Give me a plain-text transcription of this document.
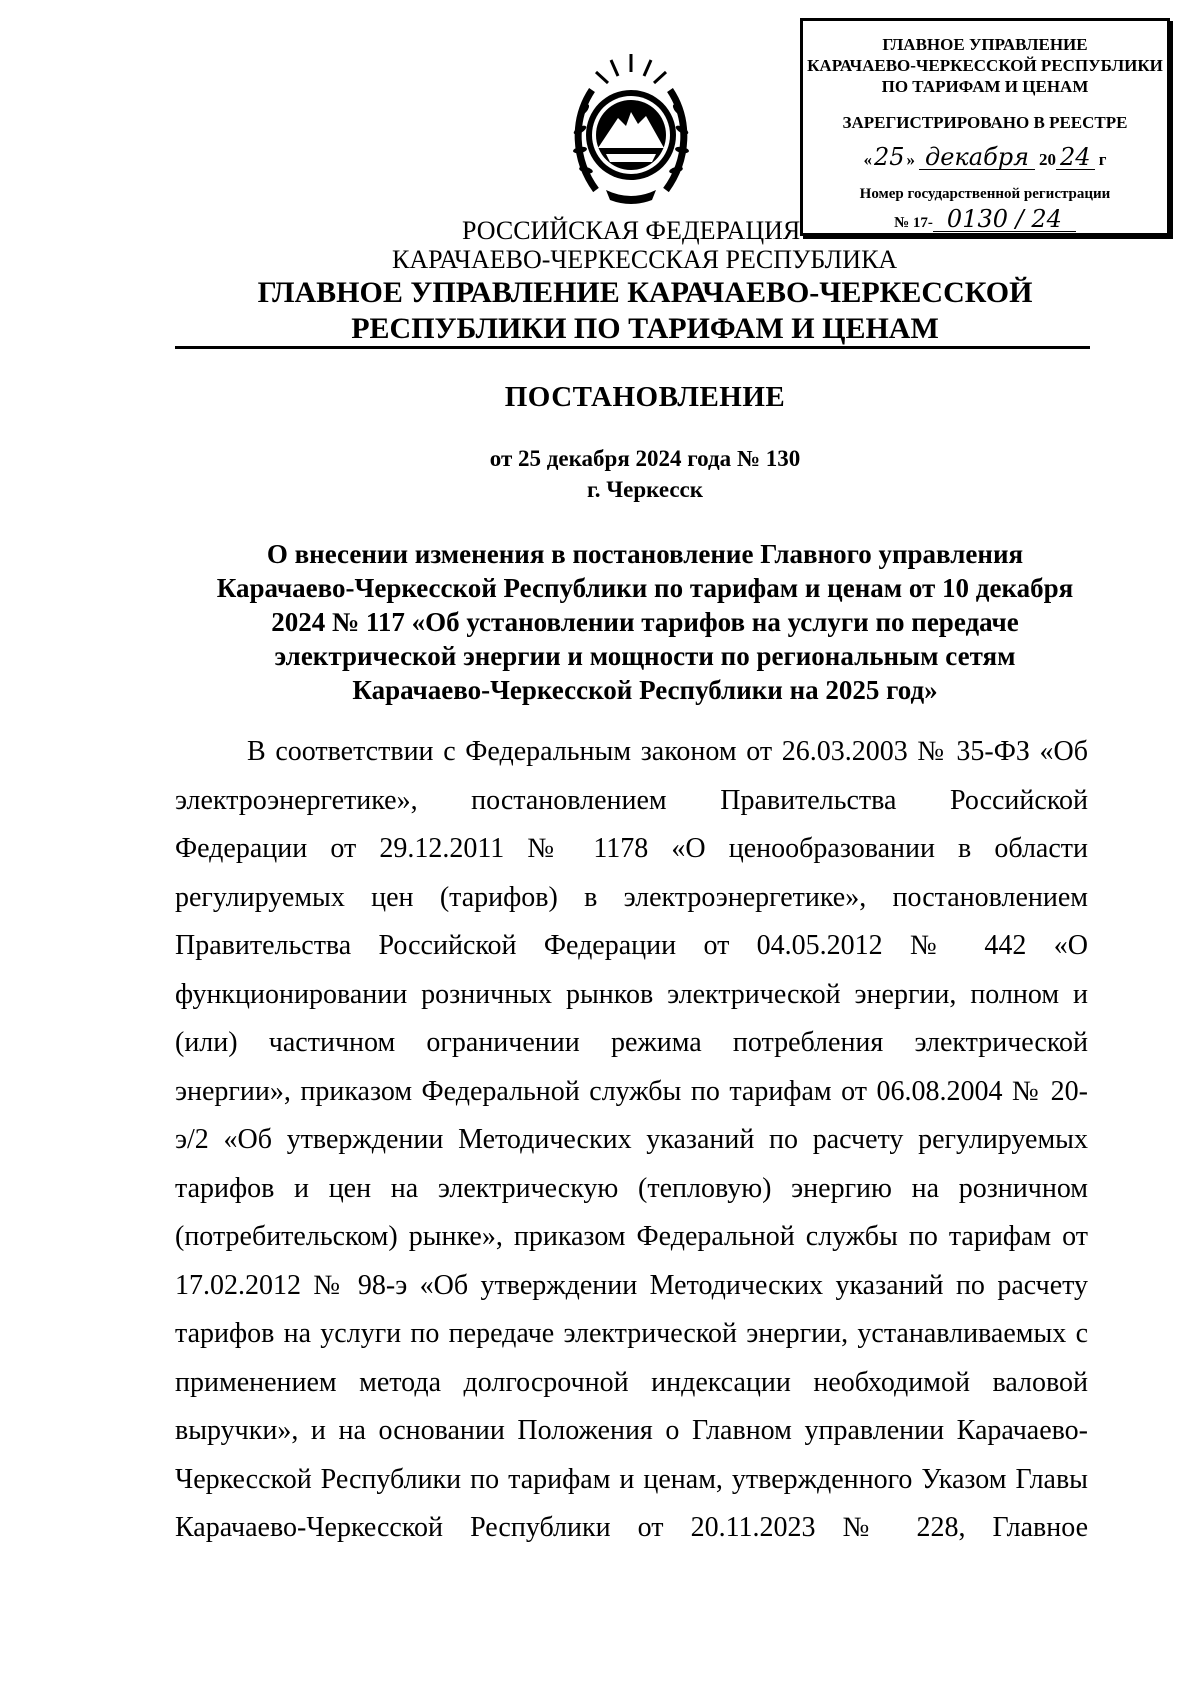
ГЛАВНОЕ УПРАВЛЕНИЕ
КАРАЧАЕВО-ЧЕРКЕССКОЙ РЕСПУБЛИКИ
ПО ТАРИФАМ И ЦЕНАМ
ЗАРЕГИСТРИРОВАНО В РЕЕСТРЕ
«25 » декабря 20 24 г
Номер государственной регистрации
№ 17- 0130 / 24
РОССИЙСКАЯ ФЕДЕРАЦИЯ
КАРАЧАЕВО-ЧЕРКЕССКАЯ РЕСПУБЛИКА
ГЛАВНОЕ УПРАВЛЕНИЕ КАРАЧАЕВО-ЧЕРКЕССКОЙ
РЕСПУБЛИКИ ПО ТАРИФАМ И ЦЕНАМ
ПОСТАНОВЛЕНИЕ
от 25 декабря 2024 года № 130
г. Черкесск
О внесении изменения в постановление Главного управления
Карачаево-Черкесской Республики по тарифам и ценам от 10 декабря
2024 № 117 «Об установлении тарифов на услуги по передаче
электрической энергии и мощности по региональным сетям
Карачаево-Черкесской Республики на 2025 год»
В соответствии с Федеральным законом от 26.03.2003 № 35-ФЗ «Об
электроэнергетике», постановлением Правительства Российской
Федерации от 29.12.2011 № 1178 «О ценообразовании в области
регулируемых цен (тарифов) в электроэнергетике», постановлением
Правительства Российской Федерации от 04.05.2012 № 442 «О
функционировании розничных рынков электрической энергии, полном и
(или) частичном ограничении режима потребления электрической
энергии», приказом Федеральной службы по тарифам от 06.08.2004 № 20-
э/2 «Об утверждении Методических указаний по расчету регулируемых
тарифов и цен на электрическую (тепловую) энергию на розничном
(потребительском) рынке», приказом Федеральной службы по тарифам от
17.02.2012 № 98-э «Об утверждении Методических указаний по расчету
тарифов на услуги по передаче электрической энергии, устанавливаемых с
применением метода долгосрочной индексации необходимой валовой
выручки», и на основании Положения о Главном управлении Карачаево-
Черкесской Республики по тарифам и ценам, утвержденного Указом Главы
Карачаево-Черкесской Республики от 20.11.2023 № 228, Главное
